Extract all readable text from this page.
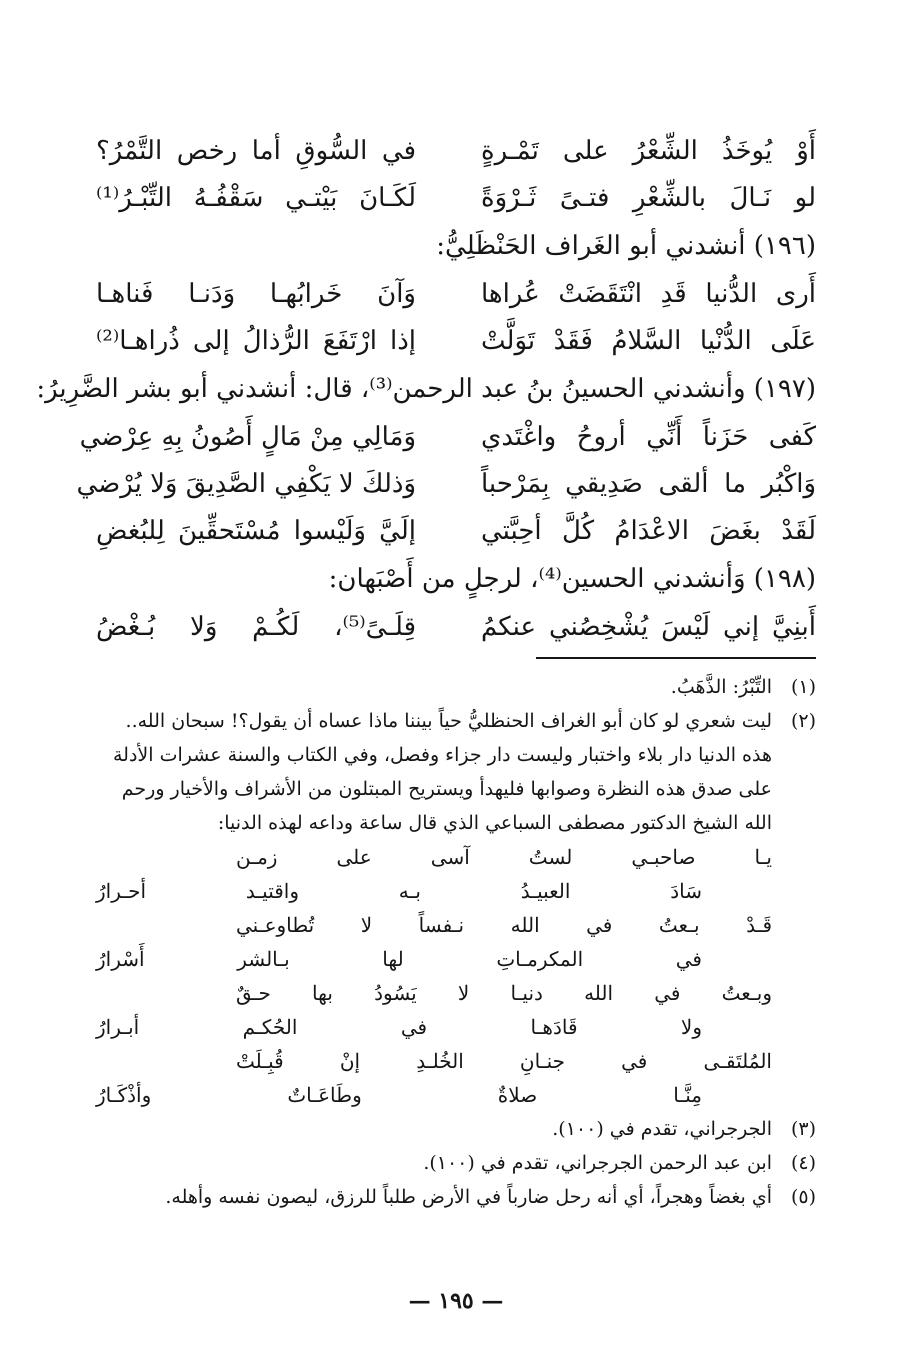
أَوْ يُوخَذُ الشِّعْرُ على تَمْـرةٍ
في السُّوقِ أما رخص التَّمْرُ؟
لو نَـالَ بالشِّعْرِ فتـىً ثَـرْوَةً
لَكَـانَ بَيْتـي سَقْفُـهُ التِّبْـرُ⁽¹⁾
(١٩٦) أنشدني أبو الغَراف الحَنْظَلِيُّ:
أَرى الدُّنيا قَدِ انْتَقَضَتْ عُراها
وَآنَ خَرابُهـا وَدَنـا فَناهـا
عَلَى الدُّنْيا السَّلامُ فَقَدْ تَوَلَّتْ
إذا ارْتَفَعَ الرُّذالُ إلى ذُراهـا⁽²⁾
(١٩٧) وأنشدني الحسينُ بنُ عبد الرحمن⁽³⁾، قال: أنشدني أبو بشر الضَّرِيرُ:
كَفى حَزَناً أَنِّي أروحُ واغْتَدي
وَمَالِي مِنْ مَالٍ أَصُونُ بِهِ عِرْضي
وَاكْبُر ما ألقى صَدِيقي بِمَرْحباً
وَذلكَ لا يَكْفِي الصَّدِيقَ وَلا يُرْضي
لَقَدْ بغَضَ الاعْدَامُ كُلَّ أحِبَّتي
إلَيَّ وَلَيْسوا مُسْتَحقِّينَ لِلبُغضِ
(١٩٨) وَأنشدني الحسين⁽⁴⁾، لرجلٍ من أَصْبَهان:
أَبنِيَّ إني لَيْسَ يُشْخِصُني عنكمُ
قِلَـىً⁽⁵⁾، لَكُـمْ وَلا بُـغْضُ
(١)
التِّبْرُ: الذَّهَبُ.
(٢)
ليت شعري لو كان أبو الغراف الحنظليُّ حياً بيننا ماذا عساه أن يقول؟! سبحان الله..
هذه الدنيا دار بلاء واختبار وليست دار جزاء وفصل، وفي الكتاب والسنة عشرات الأدلة
على صدق هذه النظرة وصوابها فليهدأ ويستريح المبتلون من الأشراف والأخيار ورحم
الله الشيخ الدكتور مصطفى السباعي الذي قال ساعة وداعه لهذه الدنيا:
يـا صاحبـي لستُ آسى على زمـن
سَادَ العبيـدُ بـه واقتيـد أحـرارُ
قَـدْ بـعتُ في الله نـفساً لا تُطاوعـني
في المكرمـاتِ لها بـالشر أَسْرارُ
وبـعتُ في الله دنيـا لا يَسُودُ بها حـقٌ
ولا قَادَهـا في الحُكـم أبـرارُ
المُلتَقـى في جنـانِ الخُلـدِ إنْ قُبِـلَتْ
مِنَّـا صلاةٌ وطَاعَـاتٌ وأذْكَـارُ
(٣)
الجرجراني، تقدم في (١٠٠).
(٤)
ابن عبد الرحمن الجرجراني، تقدم في (١٠٠).
(٥)
أي بغضاً وهجراً، أي أنه رحل ضارباً في الأرض طلباً للرزق، ليصون نفسه وأهله.
— ١٩٥ —
